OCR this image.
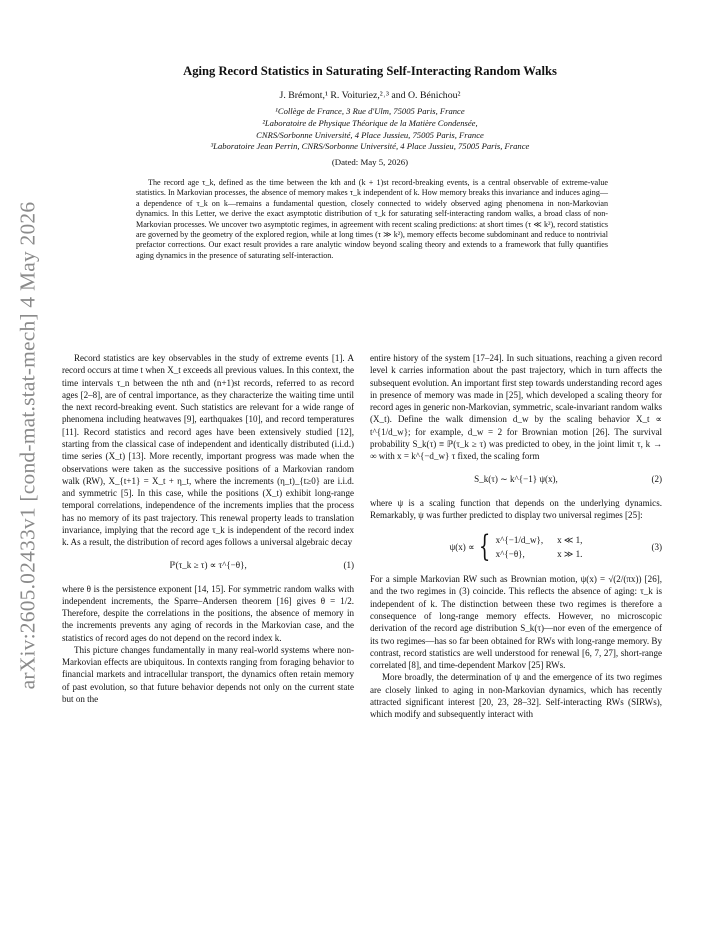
arXiv:2605.02433v1 [cond-mat.stat-mech] 4 May 2026
Aging Record Statistics in Saturating Self-Interacting Random Walks
J. Brémont,¹ R. Voituriez,²˒³ and O. Bénichou²
¹Collège de France, 3 Rue d'Ulm, 75005 Paris, France
²Laboratoire de Physique Théorique de la Matière Condensée,
CNRS/Sorbonne Université, 4 Place Jussieu, 75005 Paris, France
³Laboratoire Jean Perrin, CNRS/Sorbonne Université, 4 Place Jussieu, 75005 Paris, France
(Dated: May 5, 2026)
The record age τ_k, defined as the time between the kth and (k + 1)st record-breaking events, is a central observable of extreme-value statistics. In Markovian processes, the absence of memory makes τ_k independent of k. How memory breaks this invariance and induces aging—a dependence of τ_k on k—remains a fundamental question, closely connected to widely observed aging phenomena in non-Markovian dynamics. In this Letter, we derive the exact asymptotic distribution of τ_k for saturating self-interacting random walks, a broad class of non-Markovian processes. We uncover two asymptotic regimes, in agreement with recent scaling predictions: at short times (τ ≪ k²), record statistics are governed by the geometry of the explored region, while at long times (τ ≫ k²), memory effects become subdominant and reduce to nontrivial prefactor corrections. Our exact result provides a rare analytic window beyond scaling theory and extends to a framework that fully quantifies aging dynamics in the presence of saturating self-interaction.

Record statistics are key observables in the study of extreme events [1]. A record occurs at time t when X_t exceeds all previous values. In this context, the time intervals τ_n between the nth and (n+1)st records, referred to as record ages [2–8], are of central importance, as they characterize the waiting time until the next record-breaking event. Such statistics are relevant for a wide range of phenomena including heatwaves [9], earthquakes [10], and record temperatures [11]. Record statistics and record ages have been extensively studied [12], starting from the classical case of independent and identically distributed (i.i.d.) time series (X_t) [13]. More recently, important progress was made when the observations were taken as the successive positions of a Markovian random walk (RW), X_{t+1} = X_t + η_t, where the increments (η_t)_{t≥0} are i.i.d. and symmetric [5]. In this case, while the positions (X_t) exhibit long-range temporal correlations, independence of the increments implies that the process has no memory of its past trajectory. This renewal property leads to translation invariance, implying that the record age τ_k is independent of the record index k. As a result, the distribution of record ages follows a universal algebraic decay

ℙ(τ_k ≥ τ) ∝ τ^{−θ},	(1)

where θ is the persistence exponent [14, 15]. For symmetric random walks with independent increments, the Sparre–Andersen theorem [16] gives θ = 1/2. Therefore, despite the correlations in the positions, the absence of memory in the increments prevents any aging of records in the Markovian case, and the statistics of record ages do not depend on the record index k.

This picture changes fundamentally in many real-world systems where non-Markovian effects are ubiquitous. In contexts ranging from foraging behavior to financial markets and intracellular transport, the dynamics often retain memory of past evolution, so that future behavior depends not only on the current state but on the

entire history of the system [17–24]. In such situations, reaching a given record level k carries information about the past trajectory, which in turn affects the subsequent evolution. An important first step towards understanding record ages in presence of memory was made in [25], which developed a scaling theory for record ages in generic non-Markovian, symmetric, scale-invariant random walks (X_t). Define the walk dimension d_w by the scaling behavior X_t ∝ t^{1/d_w}; for example, d_w = 2 for Brownian motion [26]. The survival probability S_k(τ) ≡ ℙ(τ_k ≥ τ) was predicted to obey, in the joint limit τ, k → ∞ with x = k^{−d_w} τ fixed, the scaling form

S_k(τ) ∼ k^{−1} ψ(x),	(2)

where ψ is a scaling function that depends on the underlying dynamics. Remarkably, ψ was further predicted to display two universal regimes [25]:

ψ(x) ∝ { x^{−1/d_w}, x ≪ 1,
x^{−θ},	x ≫ 1.
(3)

For a simple Markovian RW such as Brownian motion, ψ(x) = √(2/(πx)) [26], and the two regimes in (3) coincide. This reflects the absence of aging: τ_k is independent of k. The distinction between these two regimes is therefore a consequence of long-range memory effects. However, no microscopic derivation of the record age distribution S_k(τ)—nor even of the emergence of its two regimes—has so far been obtained for RWs with long-range memory. By contrast, record statistics are well understood for renewal [6, 7, 27], short-range correlated [8], and time-dependent Markov [25] RWs.

More broadly, the determination of ψ and the emergence of its two regimes are closely linked to aging in non-Markovian dynamics, which has recently attracted significant interest [20, 23, 28–32]. Self-interacting RWs (SIRWs), which modify and subsequently interact with
